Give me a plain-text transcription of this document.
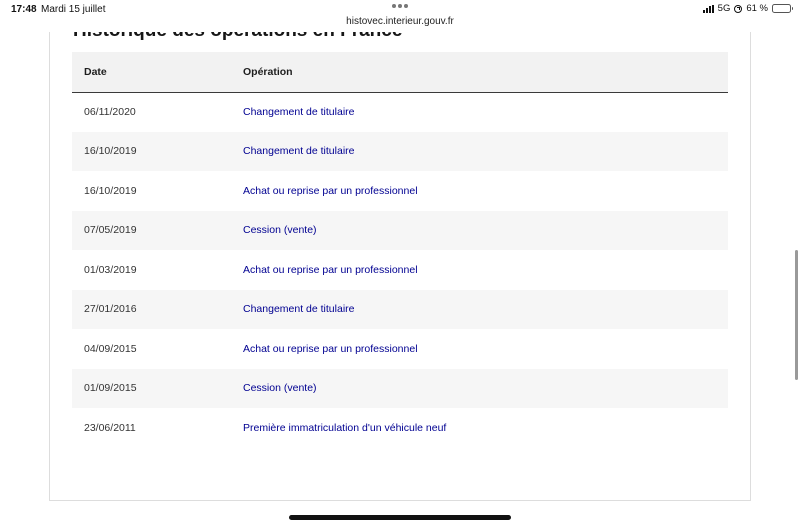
Date	Opération
06/11/2020	Changement de titulaire
16/10/2019	Changement de titulaire
16/10/2019	Achat ou reprise par un professionnel
07/05/2019	Cession (vente)
01/03/2019	Achat ou reprise par un professionnel
27/01/2016	Changement de titulaire
04/09/2015	Achat ou reprise par un professionnel
01/09/2015	Cession (vente)
23/06/2011	Première immatriculation d'un véhicule neuf
17:48 Mardi 15 juillet
histovec.interieur.gouv.fr
5G 61 %
